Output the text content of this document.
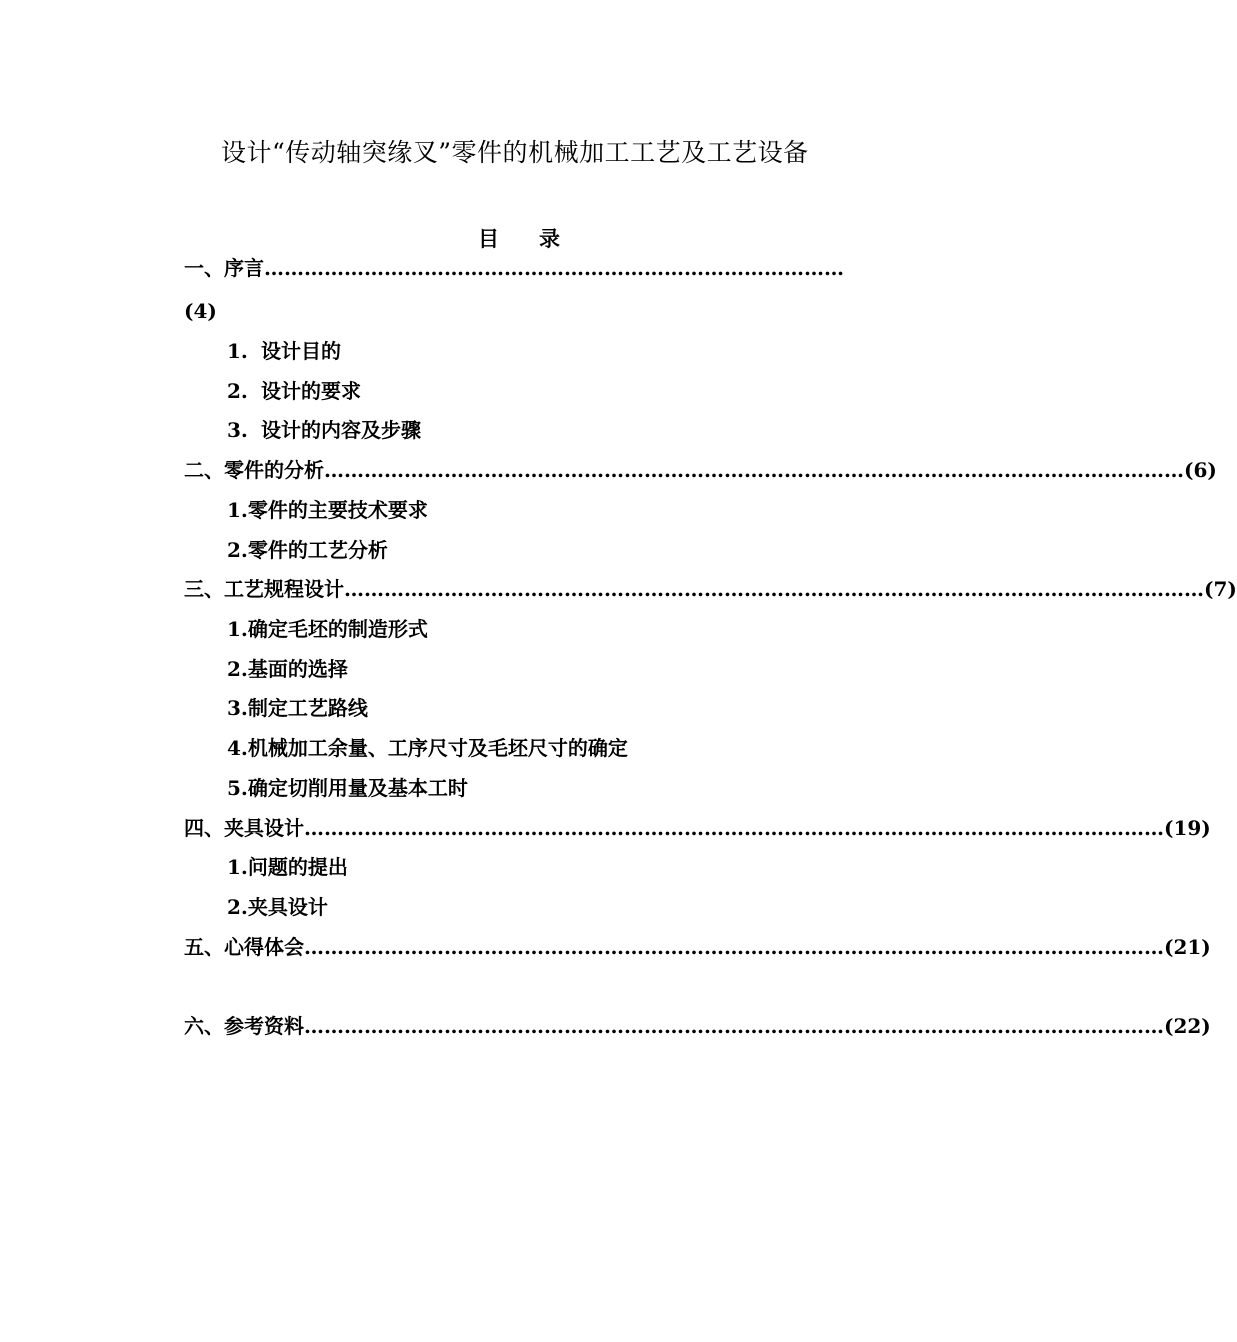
设计“传动轴突缘叉”零件的机械加工工艺及工艺设备
目 录
一、序言 ……………………………………………………………………………
(4)
1. 设计目的
2. 设计的要求
3. 设计的内容及步骤
二、零件的分析 ………………………………………………………………………………………………………………… (6)
1.零件的主要技术要求
2.零件的工艺分析
三、工艺规程设计 ………………………………………………………………………………………………………………… (7)
1.确定毛坯的制造形式
2.基面的选择
3.制定工艺路线
4.机械加工余量、工序尺寸及毛坯尺寸的确定
5.确定切削用量及基本工时
四、夹具设计 ………………………………………………………………………………………………………………… (19)
1.问题的提出
2.夹具设计
五、心得体会 ………………………………………………………………………………………………………………… (21)
六、参考资料 ………………………………………………………………………………………………………………… (22)
